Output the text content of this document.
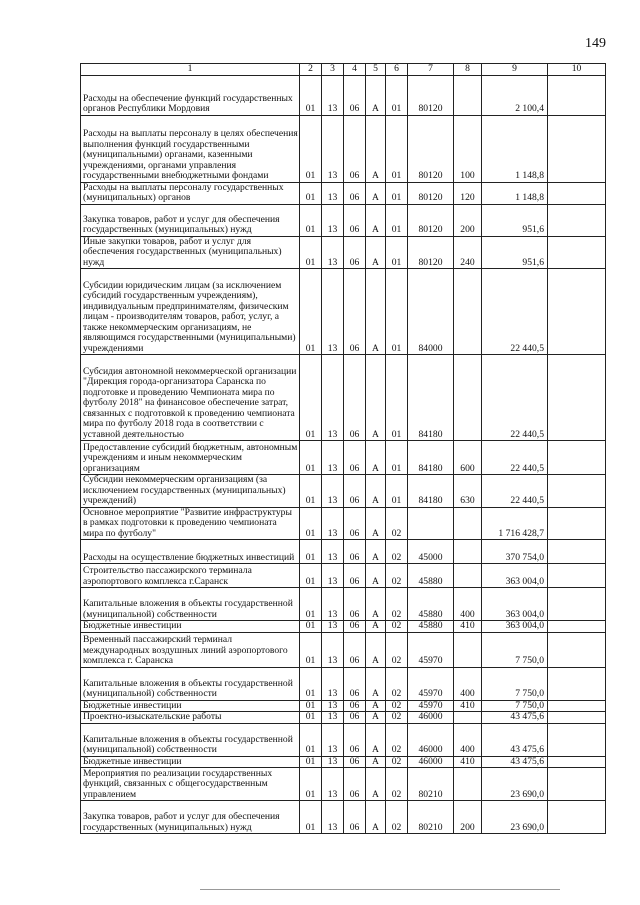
149
1	2	3	4	5	6	7	8	9	10
Расходы на обеспечение функций государственных органов Республики Мордовия	01	13	06	А	01	80120		2 100,4	
Расходы на выплаты персоналу в целях обеспечения выполнения функций государственными (муниципальными) органами, казенными учреждениями, органами управления государственными внебюджетными фондами	01	13	06	А	01	80120	100	1 148,8	
Расходы на выплаты персоналу государственных (муниципальных) органов	01	13	06	А	01	80120	120	1 148,8	
Закупка товаров, работ и услуг для обеспечения государственных (муниципальных) нужд	01	13	06	А	01	80120	200	951,6	
Иные закупки товаров, работ и услуг для обеспечения государственных (муниципальных) нужд	01	13	06	А	01	80120	240	951,6	
Субсидии юридическим лицам (за исключением субсидий государственным учреждениям), индивидуальным предпринимателям, физическим лицам - производителям товаров, работ, услуг, а также некоммерческим организациям, не являющимся государственными (муниципальными) учреждениями	01	13	06	А	01	84000		22 440,5	
Субсидия автономной некоммерческой организации "Дирекция города-организатора Саранска по подготовке и проведению Чемпионата мира по футболу 2018" на финансовое обеспечение затрат, связанных с подготовкой к проведению чемпионата мира по футболу 2018 года в соответствии с уставной деятельностью	01	13	06	А	01	84180		22 440,5	
Предоставление субсидий бюджетным, автономным учреждениям и иным некоммерческим организациям	01	13	06	А	01	84180	600	22 440,5	
Субсидии некоммерческим организациям (за исключением государственных (муниципальных) учреждений)	01	13	06	А	01	84180	630	22 440,5	
Основное мероприятие "Развитие инфраструктуры в рамках подготовки к проведению чемпионата мира по футболу"	01	13	06	А	02			1 716 428,7	
Расходы на осуществление бюджетных инвестиций	01	13	06	А	02	45000		370 754,0	
Строительство пассажирского терминала аэропортового комплекса г.Саранск	01	13	06	А	02	45880		363 004,0	
Капитальные вложения в объекты государственной (муниципальной) собственности	01	13	06	А	02	45880	400	363 004,0	
Бюджетные инвестиции	01	13	06	А	02	45880	410	363 004,0	
Временный пассажирский терминал международных воздушных линий аэропортового комплекса г. Саранска	01	13	06	А	02	45970		7 750,0	
Капитальные вложения в объекты государственной (муниципальной) собственности	01	13	06	А	02	45970	400	7 750,0	
Бюджетные инвестиции	01	13	06	А	02	45970	410	7 750,0	
Проектно-изыскательские работы	01	13	06	А	02	46000		43 475,6	
Капитальные вложения в объекты государственной (муниципальной) собственности	01	13	06	А	02	46000	400	43 475,6	
Бюджетные инвестиции	01	13	06	А	02	46000	410	43 475,6	
Мероприятия по реализации государственных функций, связанных с общегосударственным управлением	01	13	06	А	02	80210		23 690,0	
Закупка товаров, работ и услуг для обеспечения государственных (муниципальных) нужд	01	13	06	А	02	80210	200	23 690,0	
